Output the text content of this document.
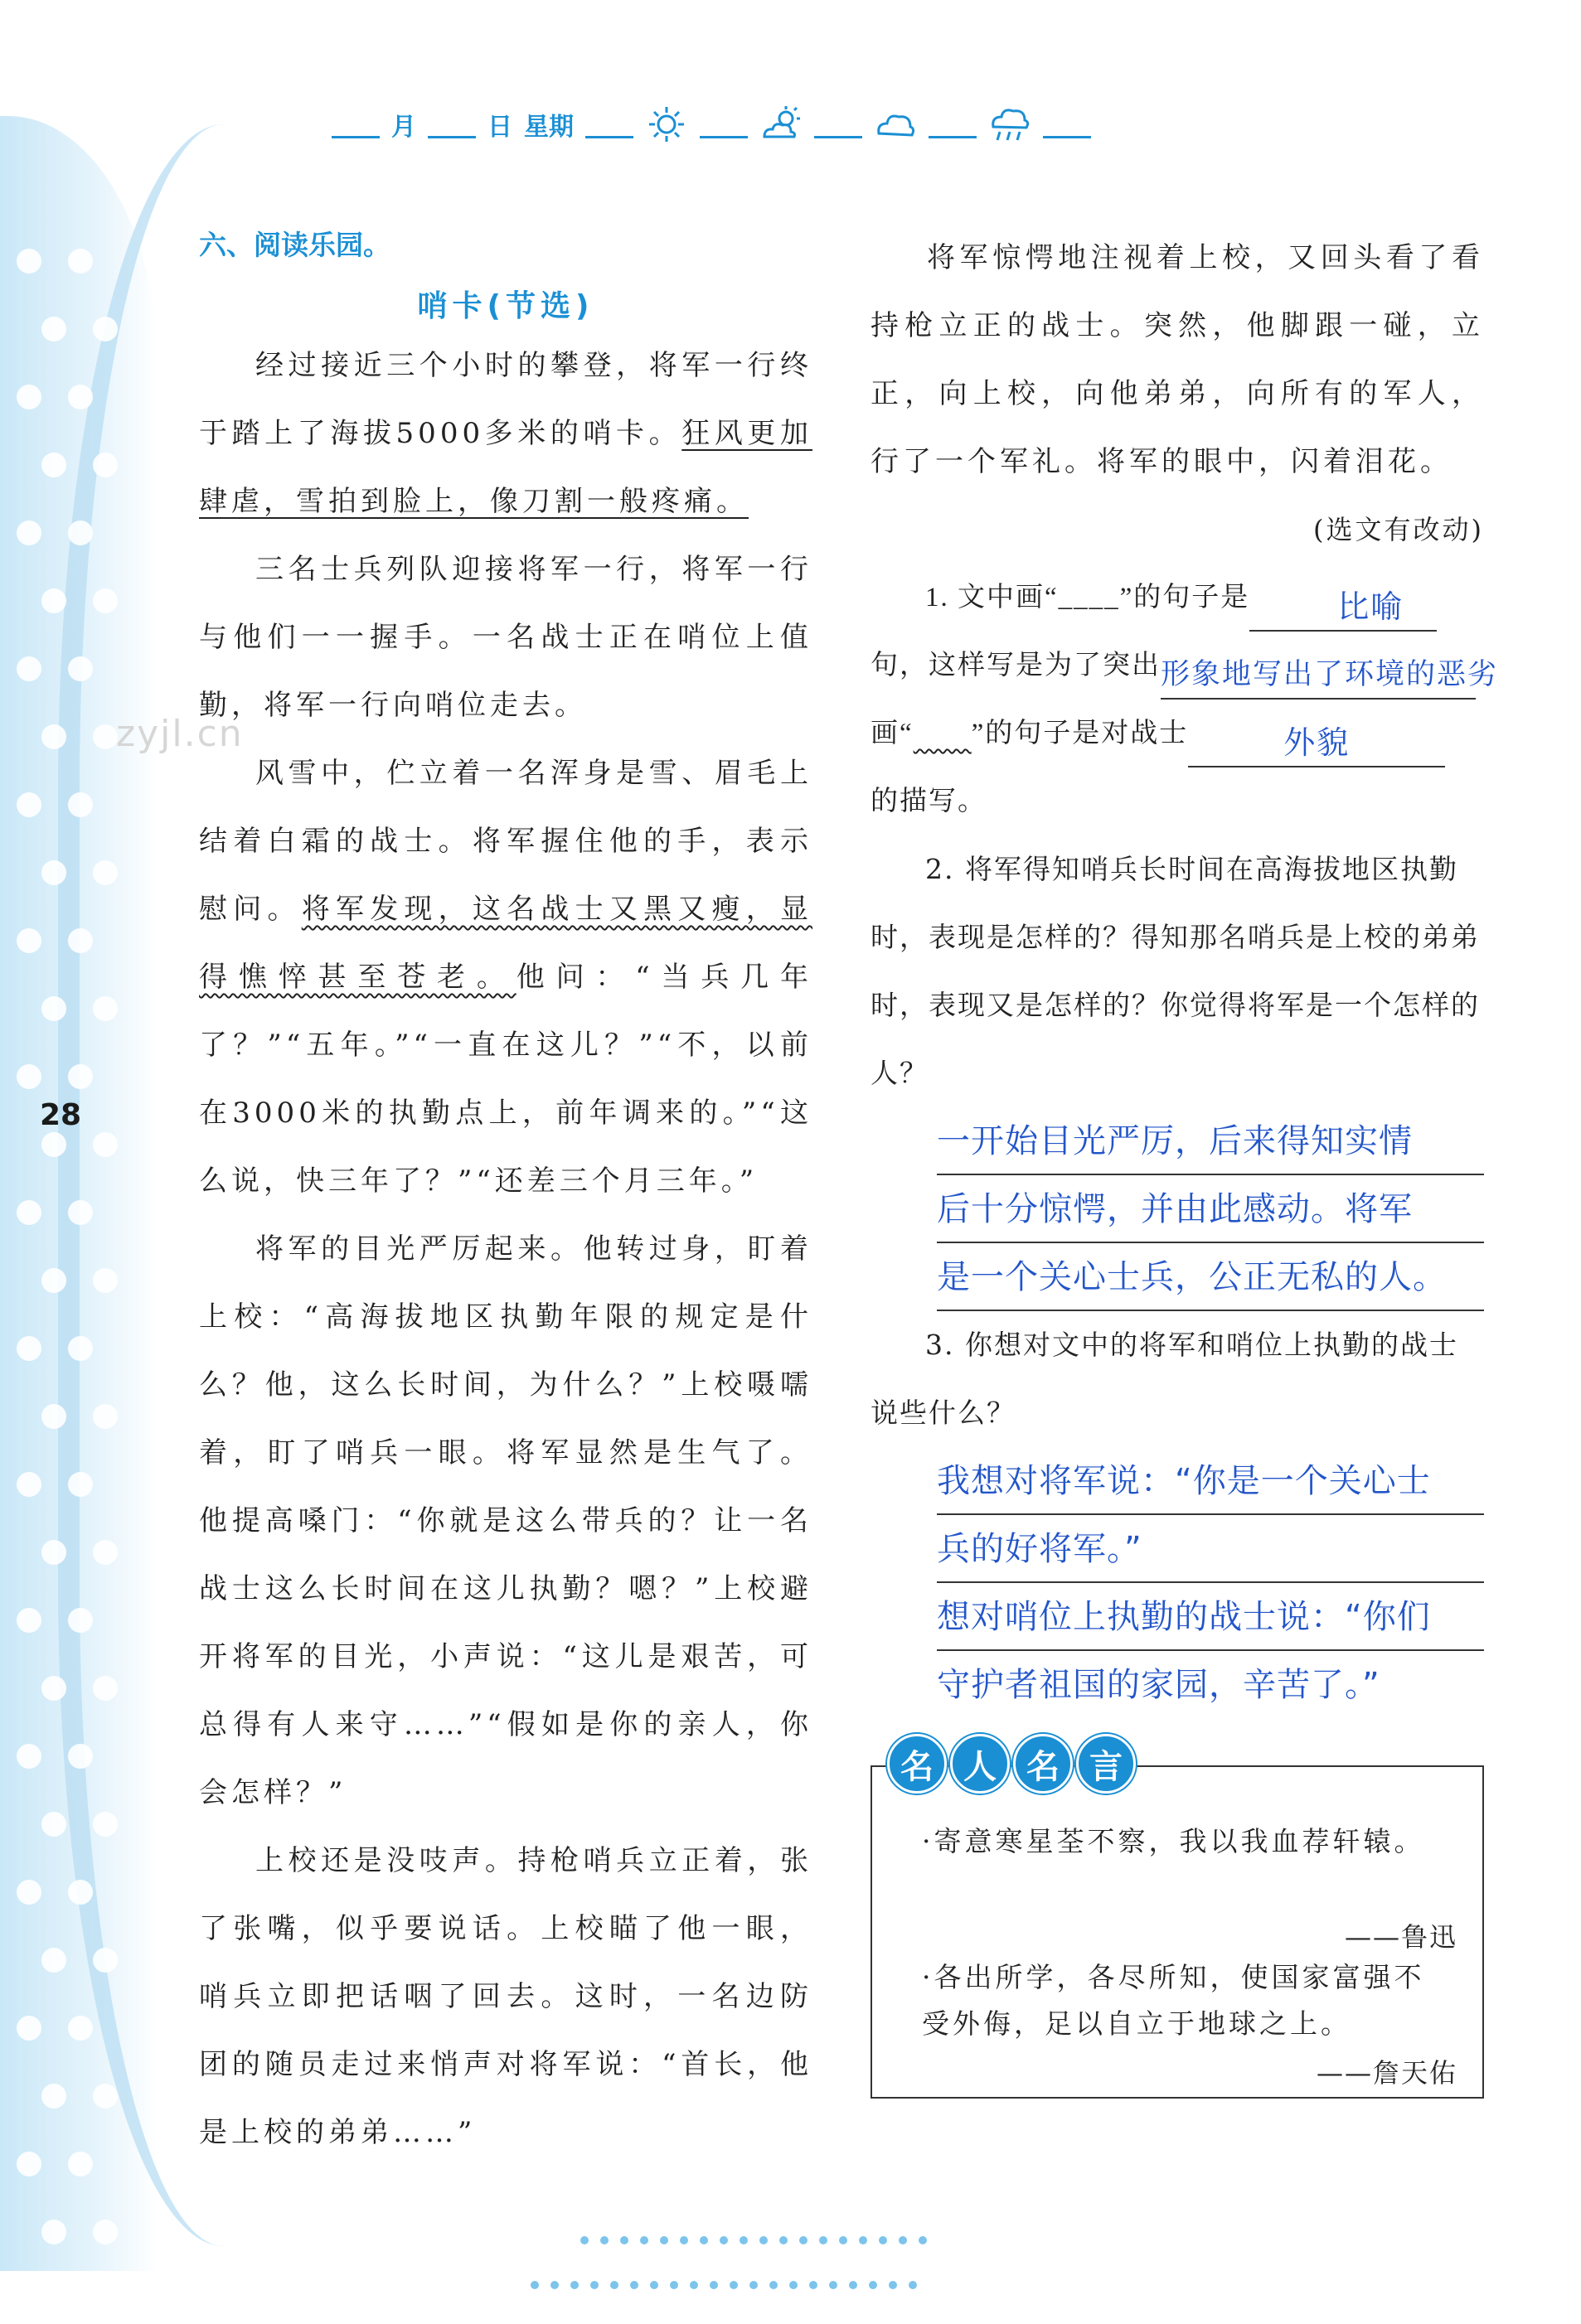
zyjl.cn
28
月	日 星期
六、阅读乐园。
哨卡(节选)
经过接近三个小时的攀登，将军一行终于踏上了海拔5000多米的哨卡。狂风更加肆虐，雪拍到脸上，像刀割一般疼痛。
三名士兵列队迎接将军一行，将军一行与他们一一握手。一名战士正在哨位上值勤，将军一行向哨位走去。
风雪中，伫立着一名浑身是雪、眉毛上结着白霜的战士。将军握住他的手，表示慰问。将军发现，这名战士又黑又瘦，显得憔悴甚至苍老。他问：“当兵几年了？”“五年。”“一直在这儿？”“不，以前在3000米的执勤点上，前年调来的。”“这么说，快三年了？”“还差三个月三年。”
将军的目光严厉起来。他转过身，盯着上校：“高海拔地区执勤年限的规定是什么？他，这么长时间，为什么？”上校嗫嚅着，盯了哨兵一眼。将军显然是生气了。他提高嗓门：“你就是这么带兵的？让一名战士这么长时间在这儿执勤？嗯？”上校避开将军的目光，小声说：“这儿是艰苦，可总得有人来守……”“假如是你的亲人，你会怎样？”
上校还是没吱声。持枪哨兵立正着，张了张嘴，似乎要说话。上校瞄了他一眼，哨兵立即把话咽了回去。这时，一名边防团的随员走过来悄声对将军说：“首长，他是上校的弟弟……”
将军惊愕地注视着上校，又回头看了看持枪立正的战士。突然，他脚跟一碰，立正，向上校，向他弟弟，向所有的军人，行了一个军礼。将军的眼中，闪着泪花。
(选文有改动)
1. 文中画“____”的句子是	比喻
句，这样写是为了突出形象地写出了环境的恶劣
画“   ”的句子是对战士	外貌
的描写。
2. 将军得知哨兵长时间在高海拔地区执勤时，表现是怎样的？得知那名哨兵是上校的弟弟时，表现又是怎样的？你觉得将军是一个怎样的人？
一开始目光严厉，后来得知实情
后十分惊愕，并由此感动。将军
是一个关心士兵，公正无私的人。
3. 你想对文中的将军和哨位上执勤的战士说些什么？
我想对将军说：“你是一个关心士
兵的好将军。”
想对哨位上执勤的战士说：“你们
守护者祖国的家园，辛苦了。”
名 人 名 言
·寄意寒星荃不察，我以我血荐轩辕。
——鲁迅
·各出所学，各尽所知，使国家富强不受外侮，足以自立于地球之上。
——詹天佑
